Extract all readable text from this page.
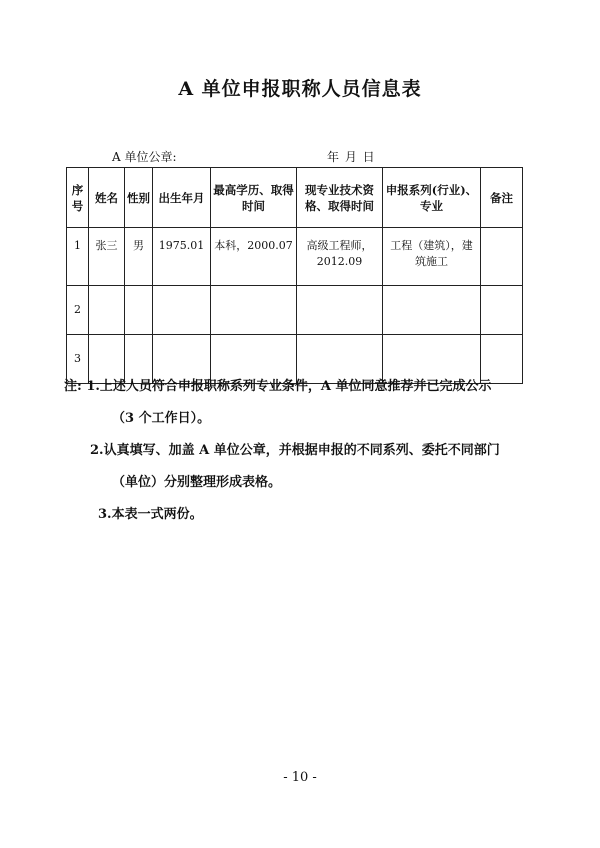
A 单位申报职称人员信息表
A 单位公章:	年 月 日
序号	姓名	性别	出生年月	最高学历、取得时间	现专业技术资格、取得时间	申报系列(行业)、专业	备注
1	张三	男	1975.01	本科，2000.07	高级工程师，2012.09	工程（建筑），建筑施工	
2							
3							
注: 1.上述人员符合申报职称系列专业条件，A 单位同意推荐并已完成公示
（3 个工作日）。
2.认真填写、加盖 A 单位公章，并根据申报的不同系列、委托不同部门
（单位）分别整理形成表格。
3.本表一式两份。
- 10 -
